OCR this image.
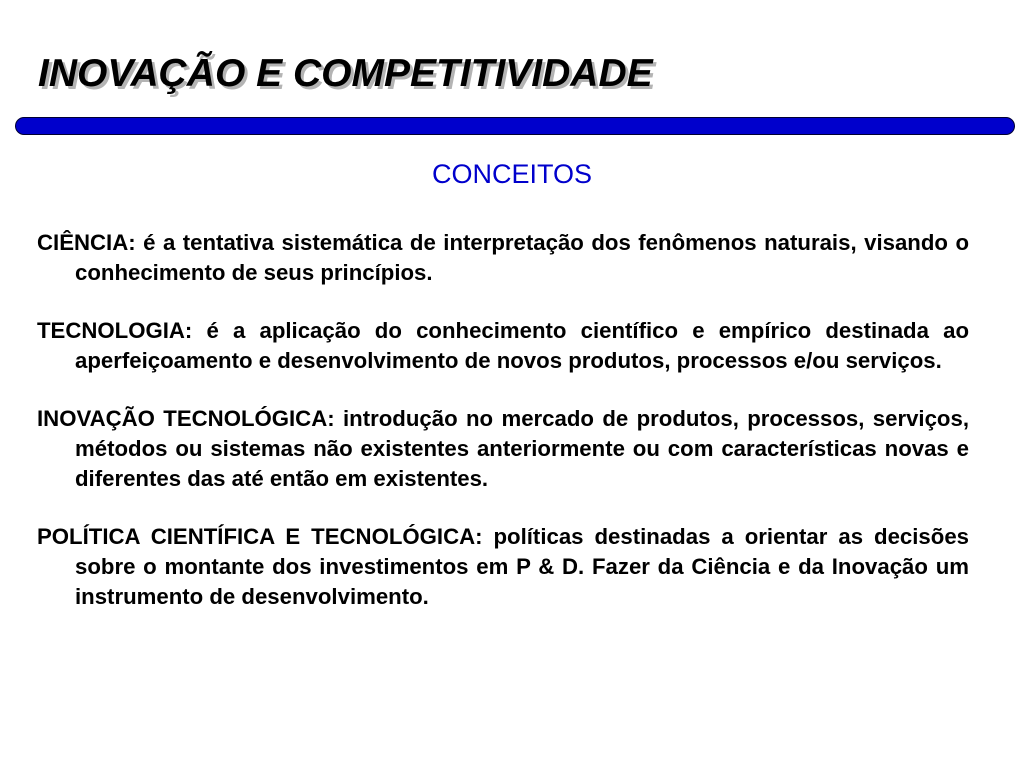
INOVAÇÃO E COMPETITIVIDADE
CONCEITOS

CIÊNCIA: é a tentativa sistemática de interpretação dos fenômenos naturais, visando o conhecimento de seus princípios.

TECNOLOGIA: é a aplicação do conhecimento científico e empírico destinada ao aperfeiçoamento e desenvolvimento de novos produtos, processos e/ou serviços.

INOVAÇÃO TECNOLÓGICA: introdução no mercado de produtos, processos, serviços, métodos ou sistemas não existentes anteriormente ou com características novas e diferentes das até então em existentes.

POLÍTICA CIENTÍFICA E TECNOLÓGICA: políticas destinadas a orientar as decisões sobre o montante dos investimentos em P & D. Fazer da Ciência e da Inovação um instrumento de desenvolvimento.
